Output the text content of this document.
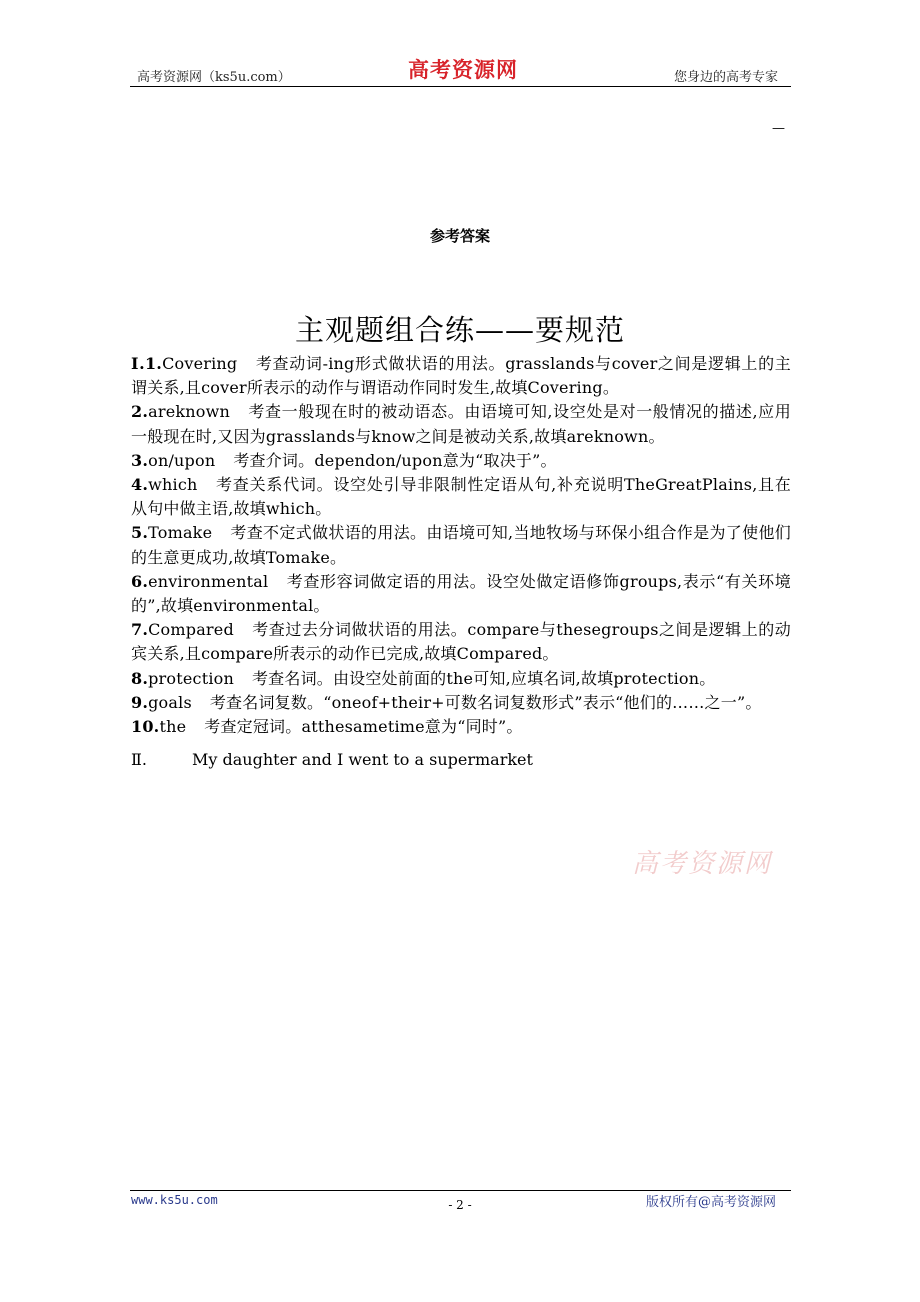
高考资源网（ks5u.com）	高考资源网	您身边的高考专家
—
参考答案
主观题组合练——要规范
Ⅰ.1.Covering 考查动词-ing形式做状语的用法。grasslands与cover之间是逻辑上的主谓关系,且cover所表示的动作与谓语动作同时发生,故填Covering。
2.areknown 考查一般现在时的被动语态。由语境可知,设空处是对一般情况的描述,应用一般现在时,又因为grasslands与know之间是被动关系,故填areknown。
3.on/upon 考查介词。dependon/upon意为“取决于”。
4.which 考查关系代词。设空处引导非限制性定语从句,补充说明TheGreatPlains,且在从句中做主语,故填which。
5.Tomake 考查不定式做状语的用法。由语境可知,当地牧场与环保小组合作是为了使他们的生意更成功,故填Tomake。
6.environmental 考查形容词做定语的用法。设空处做定语修饰groups,表示“有关环境的”,故填environmental。
7.Compared 考查过去分词做状语的用法。compare与thesegroups之间是逻辑上的动宾关系,且compare所表示的动作已完成,故填Compared。
8.protection 考查名词。由设空处前面的the可知,应填名词,故填protection。
9.goals 考查名词复数。“oneof+their+可数名词复数形式”表示“他们的……之一”。
10.the 考查定冠词。atthesametime意为“同时”。
Ⅱ.	My daughter and I went to a supermarket
高考资源网
www.ks5u.com	- 2 -	版权所有@高考资源网
